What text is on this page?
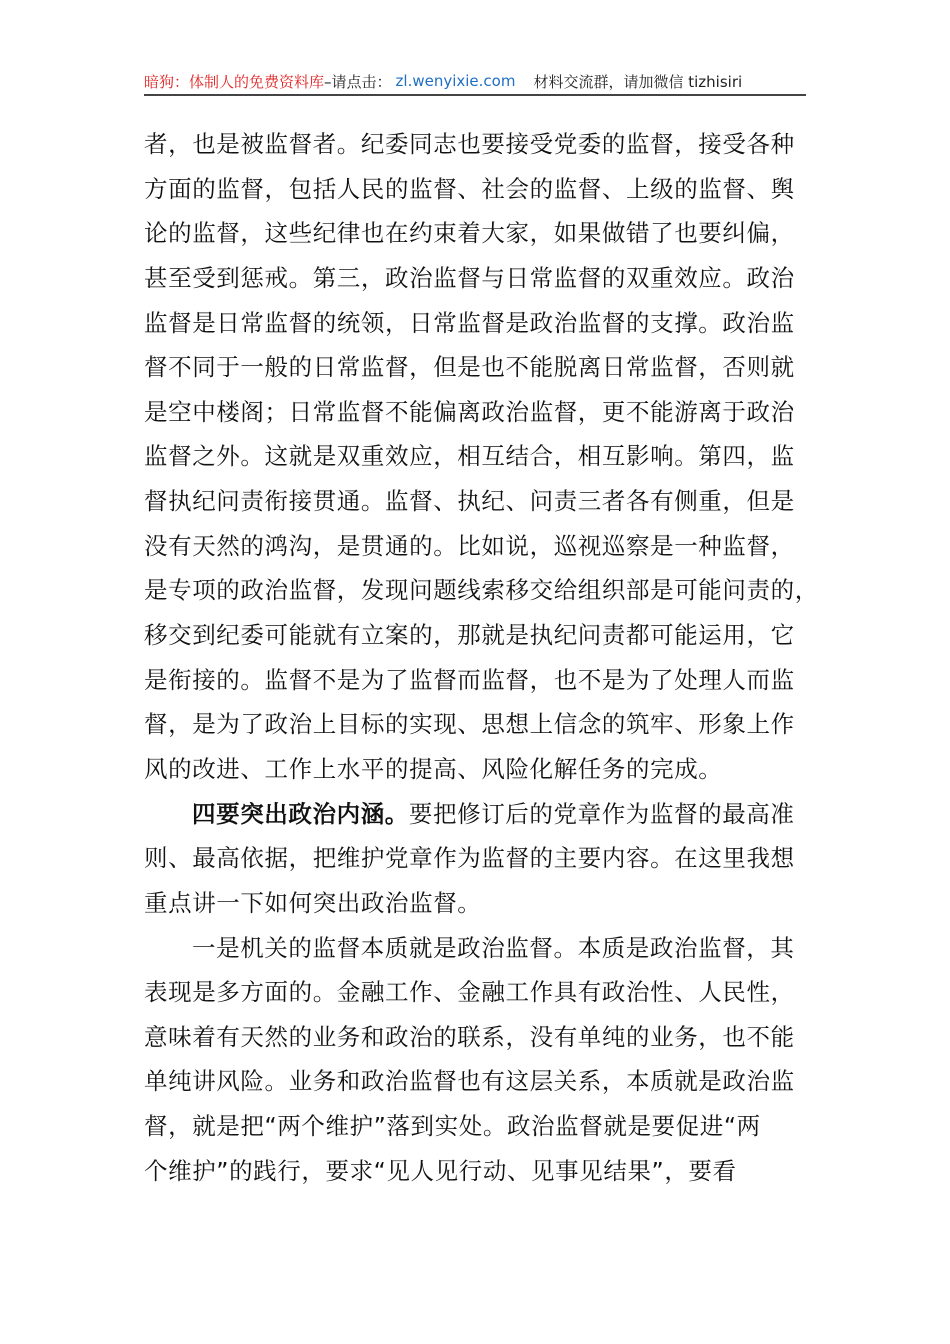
暗狗：体制人的免费资料库 –请点击： zl.wenyixie.com 材料交流群，请加微信 tizhisiri
者，也是被监督者。纪委同志也要接受党委的监督，接受各种
方面的监督，包括人民的监督、社会的监督、上级的监督、舆
论的监督，这些纪律也在约束着大家，如果做错了也要纠偏，
甚至受到惩戒。第三，政治监督与日常监督的双重效应。政治
监督是日常监督的统领，日常监督是政治监督的支撑。政治监
督不同于一般的日常监督，但是也不能脱离日常监督，否则就
是空中楼阁；日常监督不能偏离政治监督，更不能游离于政治
监督之外。这就是双重效应，相互结合，相互影响。第四，监
督执纪问责衔接贯通。监督、执纪、问责三者各有侧重，但是
没有天然的鸿沟，是贯通的。比如说，巡视巡察是一种监督，
是专项的政治监督，发现问题线索移交给组织部是可能问责的，
移交到纪委可能就有立案的，那就是执纪问责都可能运用，它
是衔接的。监督不是为了监督而监督，也不是为了处理人而监
督，是为了政治上目标的实现、思想上信念的筑牢、形象上作
风的改进、工作上水平的提高、风险化解任务的完成。
四要突出政治内涵。要把修订后的党章作为监督的最高准
则、最高依据，把维护党章作为监督的主要内容。在这里我想
重点讲一下如何突出政治监督。
一是机关的监督本质就是政治监督。本质是政治监督，其
表现是多方面的。金融工作、金融工作具有政治性、人民性，
意味着有天然的业务和政治的联系，没有单纯的业务，也不能
单纯讲风险。业务和政治监督也有这层关系，本质就是政治监
督，就是把“两个维护”落到实处。政治监督就是要促进“两
个维护”的践行，要求“见人见行动、见事见结果”，要看
